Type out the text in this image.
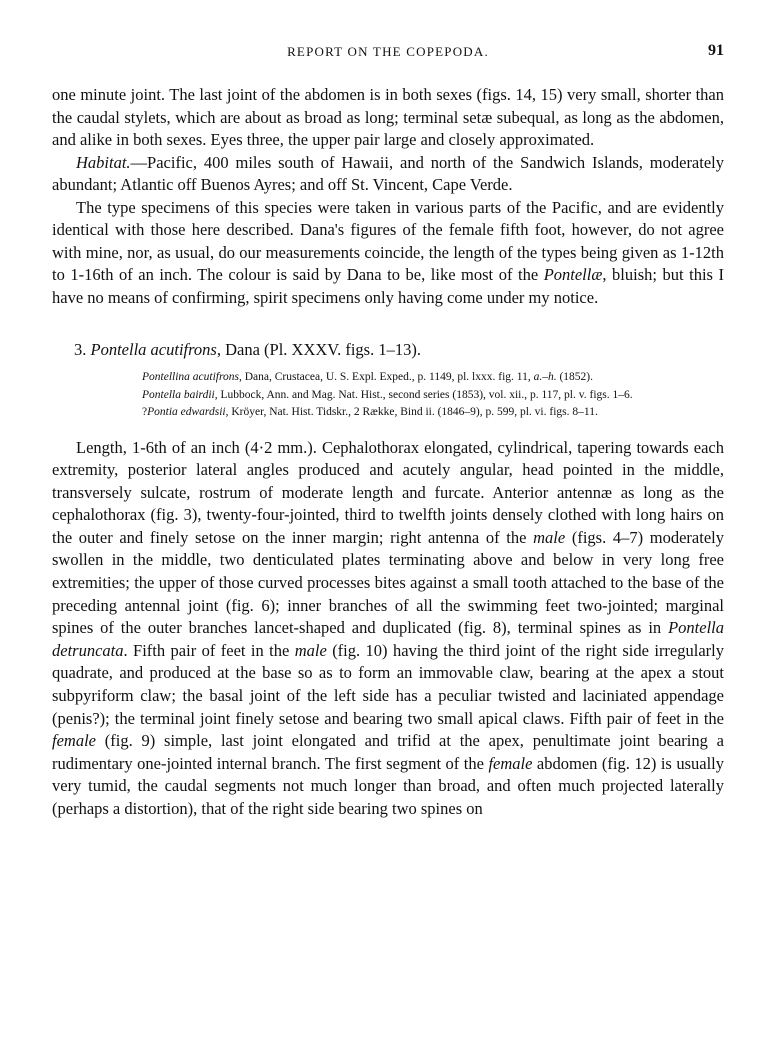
REPORT ON THE COPEPODA.	91

one minute joint. The last joint of the abdomen is in both sexes (figs. 14, 15) very small, shorter than the caudal stylets, which are about as broad as long; terminal setæ subequal, as long as the abdomen, and alike in both sexes. Eyes three, the upper pair large and closely approximated.

Habitat.—Pacific, 400 miles south of Hawaii, and north of the Sandwich Islands, moderately abundant; Atlantic off Buenos Ayres; and off St. Vincent, Cape Verde.

The type specimens of this species were taken in various parts of the Pacific, and are evidently identical with those here described. Dana's figures of the female fifth foot, however, do not agree with mine, nor, as usual, do our measurements coincide, the length of the types being given as 1-12th to 1-16th of an inch. The colour is said by Dana to be, like most of the Pontellæ, bluish; but this I have no means of confirming, spirit specimens only having come under my notice.

3. Pontella acutifrons, Dana (Pl. XXXV. figs. 1–13).

Pontellina acutifrons, Dana, Crustacea, U. S. Expl. Exped., p. 1149, pl. lxxx. fig. 11, a.–h. (1852).

Pontella bairdii, Lubbock, Ann. and Mag. Nat. Hist., second series (1853), vol. xii., p. 117, pl. v. figs. 1–6.

?Pontia edwardsii, Kröyer, Nat. Hist. Tidskr., 2 Række, Bind ii. (1846–9), p. 599, pl. vi. figs. 8–11.

Length, 1-6th of an inch (4·2 mm.). Cephalothorax elongated, cylindrical, tapering towards each extremity, posterior lateral angles produced and acutely angular, head pointed in the middle, transversely sulcate, rostrum of moderate length and furcate. Anterior antennæ as long as the cephalothorax (fig. 3), twenty-four-jointed, third to twelfth joints densely clothed with long hairs on the outer and finely setose on the inner margin; right antenna of the male (figs. 4–7) moderately swollen in the middle, two denticulated plates terminating above and below in very long free extremities; the upper of those curved processes bites against a small tooth attached to the base of the preceding antennal joint (fig. 6); inner branches of all the swimming feet two-jointed; marginal spines of the outer branches lancet-shaped and duplicated (fig. 8), terminal spines as in Pontella detruncata. Fifth pair of feet in the male (fig. 10) having the third joint of the right side irregularly quadrate, and produced at the base so as to form an immovable claw, bearing at the apex a stout subpyriform claw; the basal joint of the left side has a peculiar twisted and laciniated appendage (penis?); the terminal joint finely setose and bearing two small apical claws. Fifth pair of feet in the female (fig. 9) simple, last joint elongated and trifid at the apex, penultimate joint bearing a rudimentary one-jointed internal branch. The first segment of the female abdomen (fig. 12) is usually very tumid, the caudal segments not much longer than broad, and often much projected laterally (perhaps a distortion), that of the right side bearing two spines on
